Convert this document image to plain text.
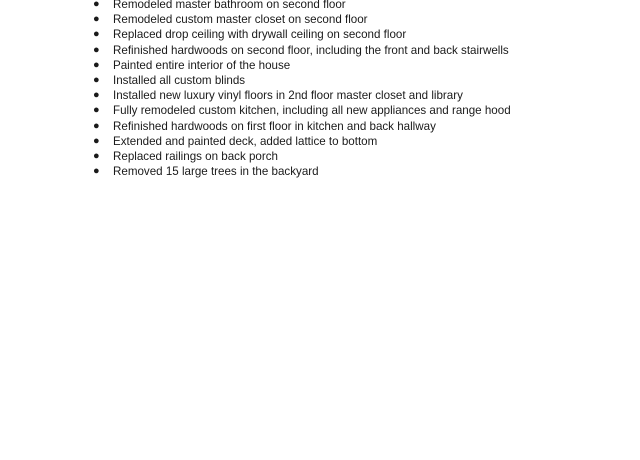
●	Remodeled master bathroom on second floor
●	Remodeled custom master closet on second floor
●	Replaced drop ceiling with drywall ceiling on second floor
●	Refinished hardwoods on second floor, including the front and back stairwells
●	Painted entire interior of the house
●	Installed all custom blinds
●	Installed new luxury vinyl floors in 2nd floor master closet and library
●	Fully remodeled custom kitchen, including all new appliances and range hood
●	Refinished hardwoods on first floor in kitchen and back hallway
●	Extended and painted deck, added lattice to bottom
●	Replaced railings on back porch
●	Removed 15 large trees in the backyard
